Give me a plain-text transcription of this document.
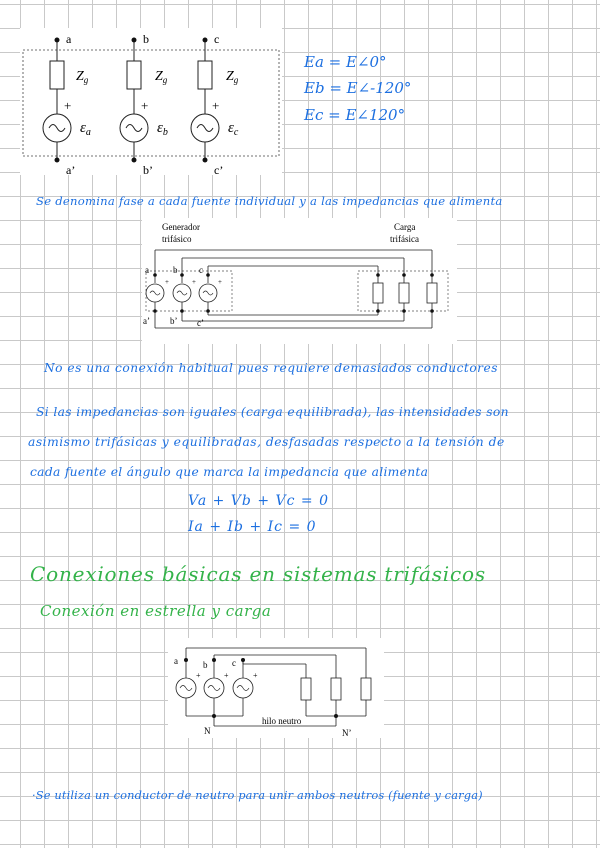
a	b	c
a’	b’	c’
$Z_g$	$Z_g$	$Z_g$
+	+	+
$\varepsilon_a$	$\varepsilon_b$	$\varepsilon_c$
Ea = E∠0°
Eb = E∠-120°
Ec = E∠120°
Se denomina fase a cada fuente individual y a las impedancias que alimenta
Generador
trifásico
Carga
trifásica
+	+	+
a	b c
a’ b’ c’
No es una conexión habitual pues requiere demasiados conductores
Si las impedancias son iguales (carga equilibrada), las intensidades son
asimismo trifásicas y equilibradas, desfasadas respecto a la tensión de
cada fuente el ángulo que marca la impedancia que alimenta
Va + Vb + Vc = 0
Ia + Ib + Ic = 0
Conexiones básicas en sistemas trifásicos
Conexión en estrella y carga
+	+	+
a	b	c
N	N’
hilo neutro
·Se utiliza un conductor de neutro para unir ambos neutros (fuente y carga)
